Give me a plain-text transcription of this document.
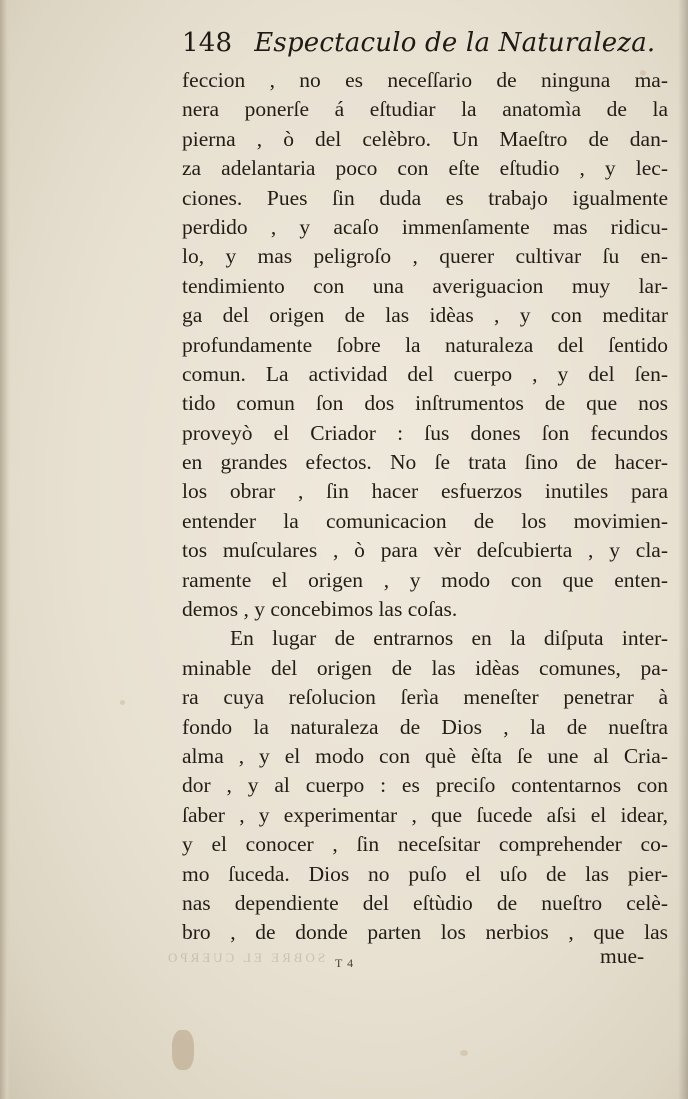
148 Espectaculo de la Naturaleza.
feccion , no es neceſſario de ninguna ma-
nera ponerſe á eſtudiar la anatomìa de la
pierna , ò del celèbro. Un Maeſtro de dan-
za adelantaria poco con eſte eſtudio , y lec-
ciones. Pues ſin duda es trabajo igualmente
perdido , y acaſo immenſamente mas ridicu-
lo, y mas peligroſo , querer cultivar ſu en-
tendimiento con una averiguacion muy lar-
ga del origen de las idèas , y con meditar
profundamente ſobre la naturaleza del ſentido
comun. La actividad del cuerpo , y del ſen-
tido comun ſon dos inſtrumentos de que nos
proveyò el Criador : ſus dones ſon fecundos
en grandes efectos. No ſe trata ſino de hacer-
los obrar , ſin hacer esfuerzos inutiles para
entender la comunicacion de los movimien-
tos muſculares , ò para vèr deſcubierta , y cla-
ramente el origen , y modo con que enten-
demos , y concebimos las coſas.
En lugar de entrarnos en la diſputa inter-
minable del origen de las idèas comunes, pa-
ra cuya reſolucion ſerìa meneſter penetrar à
fondo la naturaleza de Dios , la de nueſtra
alma , y el modo con què èſta ſe une al Cria-
dor , y al cuerpo : es preciſo contentarnos con
ſaber , y experimentar , que ſucede aſsi el idear,
y el conocer , ſin neceſsitar comprehender co-
mo ſuceda. Dios no puſo el uſo de las pier-
nas dependiente del eſtùdio de nueſtro celè-
bro , de donde parten los nerbios , que las
SOBRE EL CUERPO T 4	mue-
